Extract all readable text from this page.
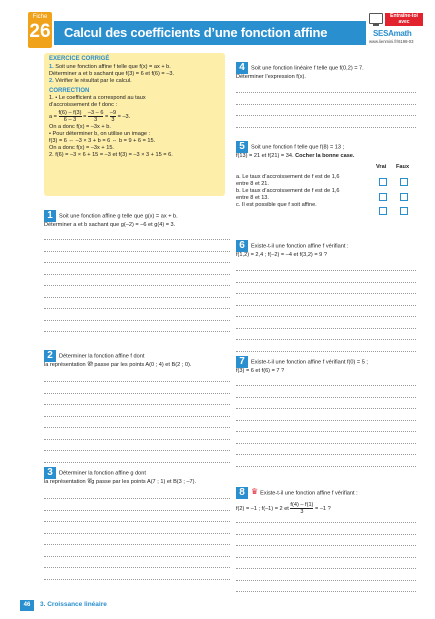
Fiche
26 Calcul des coefficients d’une fonction affine
Entraîne-toi
avec
SESAmath
www.lienmini.fr/6198-03

EXERCICE CORRIGÉ

1. Soit une fonction affine f telle que f(x) = ax + b.

Déterminer a et b sachant que f(3) = 6 et f(6) = –3.

2. Vérifier le résultat par le calcul.

CORRECTION

1. • Le coefficient a correspond au taux

d’accroissement de f donc :

$a = \frac{f(6) - f(3)}{6 - 3} = \frac{-3 - 6}{3} = \frac{-9}{3} = -3$.

On a donc f(x) = –3x + b.

• Pour déterminer b, on utilise un image :

f(3) = 6 ⇔ –3 × 3 + b = 6 ⇔ b = 9 + 6 = 15.

On a donc f(x) = –3x + 15.

2. f(6) = –3 × 6 + 15 = –3 et f(3) = –3 × 3 + 15 = 6.

1 Soit une fonction affine g telle que g(x) = ax + b.

Déterminer a et b sachant que g(–2) = –6 et g(4) = 3.

2 Déterminer la fonction affine f dont

la représentation 𝒞f passe par les points A(0 ; 4) et B(2 ; 0).

3 Déterminer la fonction affine g dont

la représentation 𝒞g passe par les points A(7 ; 1) et B(3 ; –7).

4 Soit une fonction linéaire f telle que f(0,2) = 7.

Déterminer l’expression f(x).

5 Soit une fonction f telle que f(8) = 13 ;

f(13) = 21 et f(21) = 34. Cocher la bonne case.

Vrai Faux

a. Le taux d’accroissement de f est de 1,6

entre 8 et 21.

b. Le taux d’accroissement de f est de 1,6

entre 8 et 13.

c. Il est possible que f soit affine.

6 Existe-t-il une fonction affine f vérifiant :

f(1,2) = 2,4 ; f(–2) = –4 et f(3,2) = 9 ?

7 Existe-t-il une fonction affine f vérifiant f(0) = 5 ;

f(3) = 6 et f(6) = 7 ?

8 ♛ Existe-t-il une fonction affine f vérifiant :

f(2) = –1 ; f(–1) = 2 et $\frac{f(4) - f(1)}{3} = -1$ ?

46	3. Croissance linéaire
